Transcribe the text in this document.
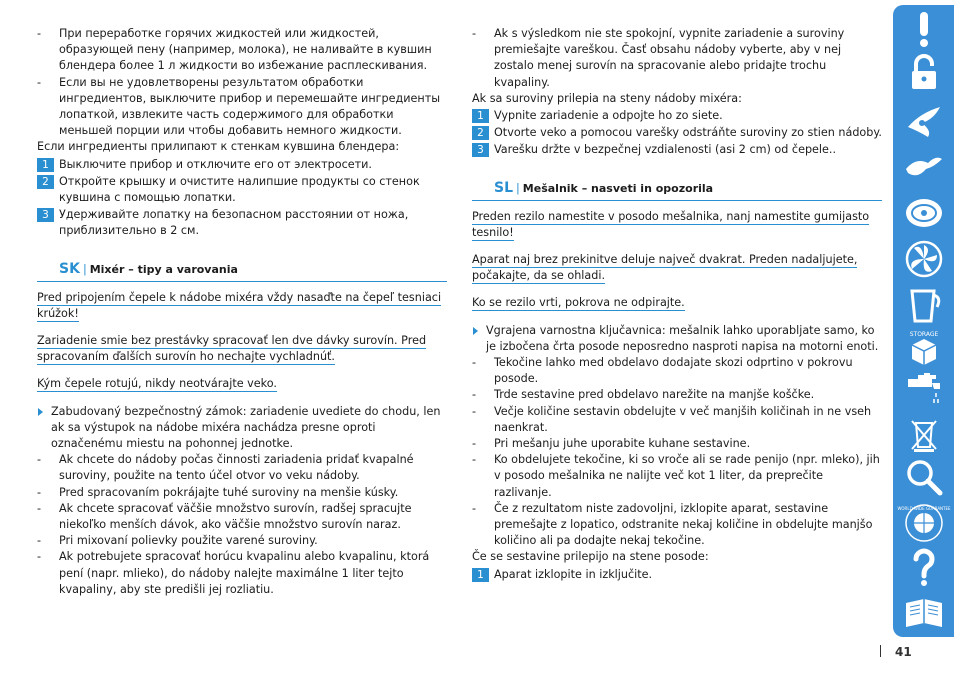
- При переработке горячих жидкостей или жидкостей, образующей пену (например, молока), не наливайте в кувшин блендера более 1 л жидкости во избежание расплескивания.
- Если вы не удовлетворены результатом обработки ингредиентов, выключите прибор и перемешайте ингредиенты лопаткой, извлеките часть содержимого для обработки меньшей порции или чтобы добавить немного жидкости.
Если ингредиенты прилипают к стенкам кувшина блендера:
1 Выключите прибор и отключите его от электросети.
2 Откройте крышку и очистите налипшие продукты со стенок кувшина с помощью лопатки.
3 Удерживайте лопатку на безопасном расстоянии от ножа, приблизительно в 2 см.
SK | Mixér – tipy a varovania
Pred pripojením čepele k nádobe mixéra vždy nasaďte na čepeľ tesniaci krúžok!
Zariadenie smie bez prestávky spracovať len dve dávky surovín. Pred spracovaním ďalších surovín ho nechajte vychladnúť.
Kým čepele rotujú, nikdy neotvárajte veko.
Zabudovaný bezpečnostný zámok: zariadenie uvediete do chodu, len ak sa výstupok na nádobe mixéra nachádza presne oproti označenému miestu na pohonnej jednotke.
- Ak chcete do nádoby počas činnosti zariadenia pridať kvapalné suroviny, použite na tento účel otvor vo veku nádoby.
- Pred spracovaním pokrájajte tuhé suroviny na menšie kúsky.
- Ak chcete spracovať väčšie množstvo surovín, radšej spracujte niekoľko menších dávok, ako väčšie množstvo surovín naraz.
- Pri mixovaní polievky použite varené suroviny.
- Ak potrebujete spracovať horúcu kvapalinu alebo kvapalinu, ktorá pení (napr. mlieko), do nádoby nalejte maximálne 1 liter tejto kvapaliny, aby ste predišli jej rozliatiu.
- Ak s výsledkom nie ste spokojní, vypnite zariadenie a suroviny premiešajte vareškou. Časť obsahu nádoby vyberte, aby v nej zostalo menej surovín na spracovanie alebo pridajte trochu kvapaliny.
Ak sa suroviny prilepia na steny nádoby mixéra:
1 Vypnite zariadenie a odpojte ho zo siete.
2 Otvorte veko a pomocou varešky odstráňte suroviny zo stien nádoby.
3 Varešku držte v bezpečnej vzdialenosti (asi 2 cm) od čepele..
SL | Mešalnik – nasveti in opozorila
Preden rezilo namestite v posodo mešalnika, nanj namestite gumijasto tesnilo!
Aparat naj brez prekinitve deluje največ dvakrat. Preden nadaljujete, počakajte, da se ohladi.
Ko se rezilo vrti, pokrova ne odpirajte.
Vgrajena varnostna ključavnica: mešalnik lahko uporabljate samo, ko je izbočena črta posode neposredno nasproti napisa na motorni enoti.
- Tekočine lahko med obdelavo dodajate skozi odprtino v pokrovu posode.
- Trde sestavine pred obdelavo narežite na manjše koščke.
- Večje količine sestavin obdelujte v več manjših količinah in ne vseh naenkrat.
- Pri mešanju juhe uporabite kuhane sestavine.
- Ko obdelujete tekočine, ki so vroče ali se rade penijo (npr. mleko), jih v posodo mešalnika ne nalijte več kot 1 liter, da preprečite razlivanje.
- Če z rezultatom niste zadovoljni, izklopite aparat, sestavine premešajte z lopatico, odstranite nekaj količine in obdelujte manjšo količino ali pa dodajte nekaj tekočine.
Če se sestavine prilepijo na stene posode:
1 Aparat izklopite in izključite.
STORAGE
WORLD-WIDE GUARANTEE
41
